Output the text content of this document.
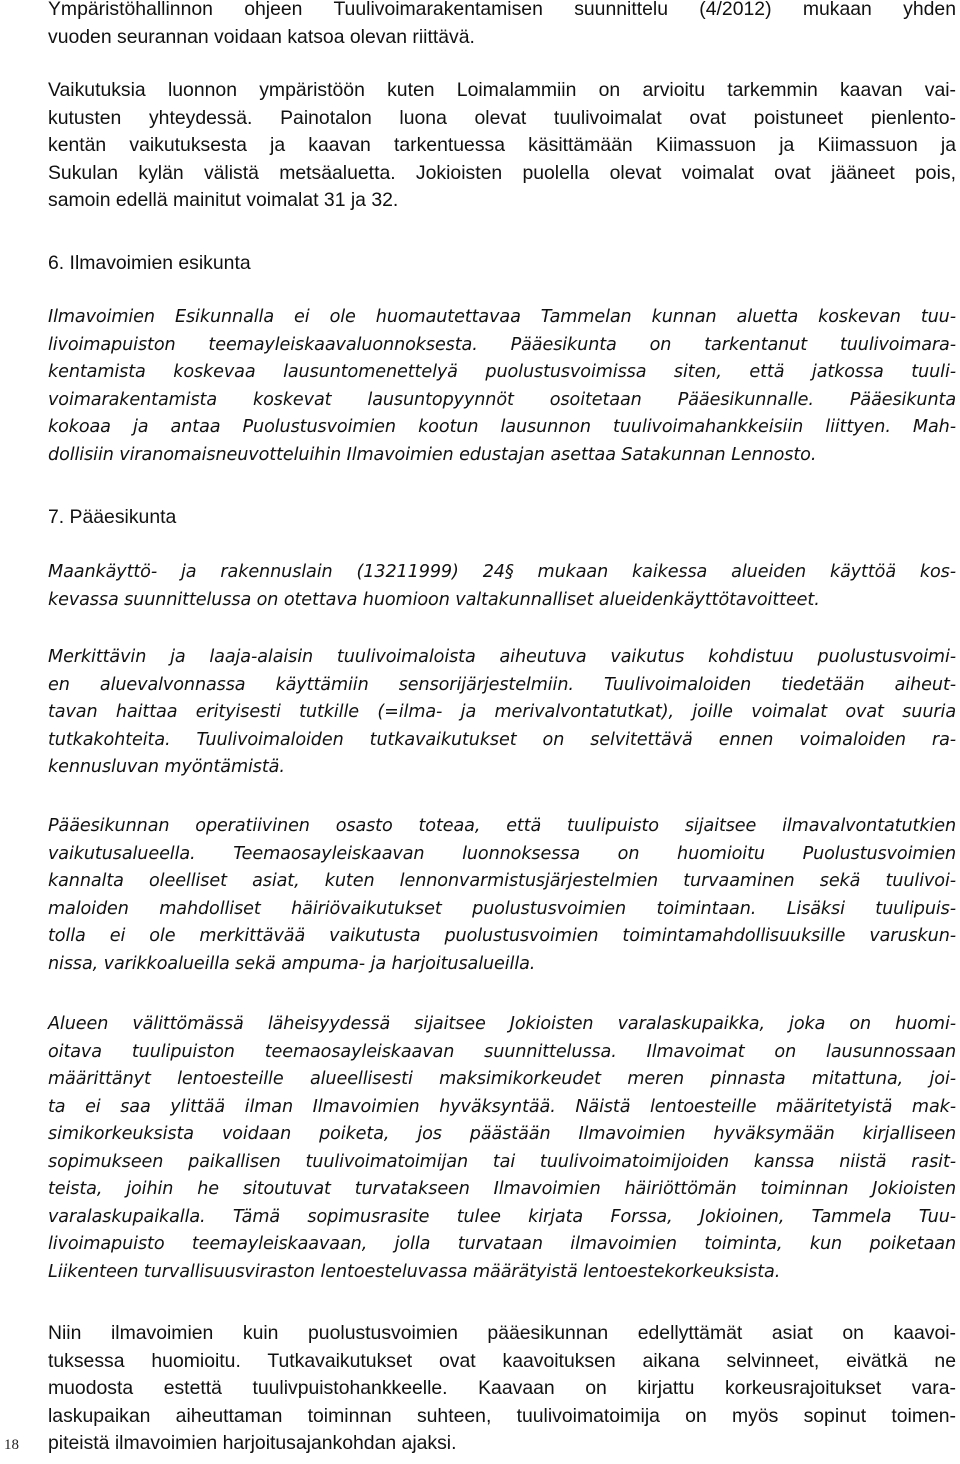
Ympäristöhallinnon ohjeen Tuulivoimarakentamisen suunnittelu (4/2012) mukaan yhden
vuoden seurannan voidaan katsoa olevan riittävä.
Vaikutuksia luonnon ympäristöön kuten Loimalammiin on arvioitu tarkemmin kaavan vai-
kutusten yhteydessä. Painotalon luona olevat tuulivoimalat ovat poistuneet pienlento-
kentän vaikutuksesta ja kaavan tarkentuessa käsittämään Kiimassuon ja Kiimassuon ja
Sukulan kylän välistä metsäaluetta. Jokioisten puolella olevat voimalat ovat jääneet pois,
samoin edellä mainitut voimalat 31 ja 32.
6. Ilmavoimien esikunta
Ilmavoimien Esikunnalla ei ole huomautettavaa Tammelan kunnan aluetta koskevan tuu-
livoimapuiston teemayleiskaavaluonnoksesta. Pääesikunta on tarkentanut tuulivoimara-
kentamista koskevaa lausuntomenettelyä puolustusvoimissa siten, että jatkossa tuuli-
voimarakentamista koskevat lausuntopyynnöt osoitetaan Pääesikunnalle. Pääesikunta
kokoaa ja antaa Puolustusvoimien kootun lausunnon tuulivoimahankkeisiin liittyen. Mah-
dollisiin viranomaisneuvotteluihin Ilmavoimien edustajan asettaa Satakunnan Lennosto.
7. Pääesikunta
Maankäyttö- ja rakennuslain (13211999) 24§ mukaan kaikessa alueiden käyttöä kos-
kevassa suunnittelussa on otettava huomioon valtakunnalliset alueidenkäyttötavoitteet.
Merkittävin ja laaja-alaisin tuulivoimaloista aiheutuva vaikutus kohdistuu puolustusvoimi-
en aluevalvonnassa käyttämiin sensorijärjestelmiin. Tuulivoimaloiden tiedetään aiheut-
tavan haittaa erityisesti tutkille (=ilma- ja merivalvontatutkat), joille voimalat ovat suuria
tutkakohteita. Tuulivoimaloiden tutkavaikutukset on selvitettävä ennen voimaloiden ra-
kennusluvan myöntämistä.
Pääesikunnan operatiivinen osasto toteaa, että tuulipuisto sijaitsee ilmavalvontatutkien
vaikutusalueella. Teemaosayleiskaavan luonnoksessa on huomioitu Puolustusvoimien
kannalta oleelliset asiat, kuten lennonvarmistusjärjestelmien turvaaminen sekä tuulivoi-
maloiden mahdolliset häiriövaikutukset puolustusvoimien toimintaan. Lisäksi tuulipuis-
tolla ei ole merkittävää vaikutusta puolustusvoimien toimintamahdollisuuksille varuskun-
nissa, varikkoalueilla sekä ampuma- ja harjoitusalueilla.
Alueen välittömässä läheisyydessä sijaitsee Jokioisten varalaskupaikka, joka on huomi-
oitava tuulipuiston teemaosayleiskaavan suunnittelussa. Ilmavoimat on lausunnossaan
määrittänyt lentoesteille alueellisesti maksimikorkeudet meren pinnasta mitattuna, joi-
ta ei saa ylittää ilman Ilmavoimien hyväksyntää. Näistä lentoesteille määritetyistä mak-
simikorkeuksista voidaan poiketa, jos päästään Ilmavoimien hyväksymään kirjalliseen
sopimukseen paikallisen tuulivoimatoimijan tai tuulivoimatoimijoiden kanssa niistä rasit-
teista, joihin he sitoutuvat turvatakseen Ilmavoimien häiriöttömän toiminnan Jokioisten
varalaskupaikalla. Tämä sopimusrasite tulee kirjata Forssa, Jokioinen, Tammela Tuu-
livoimapuisto teemayleiskaavaan, jolla turvataan ilmavoimien toiminta, kun poiketaan
Liikenteen turvallisuusviraston lentoesteluvassa määrätyistä lentoestekorkeuksista.
Niin ilmavoimien kuin puolustusvoimien pääesikunnan edellyttämät asiat on kaavoi-
tuksessa huomioitu. Tutkavaikutukset ovat kaavoituksen aikana selvinneet, eivätkä ne
muodosta estettä tuulivpuistohankkeelle. Kaavaan on kirjattu korkeusrajoitukset vara-
laskupaikan aiheuttaman toiminnan suhteen, tuulivoimatoimija on myös sopinut toimen-
piteistä ilmavoimien harjoitusajankohdan ajaksi.
18
